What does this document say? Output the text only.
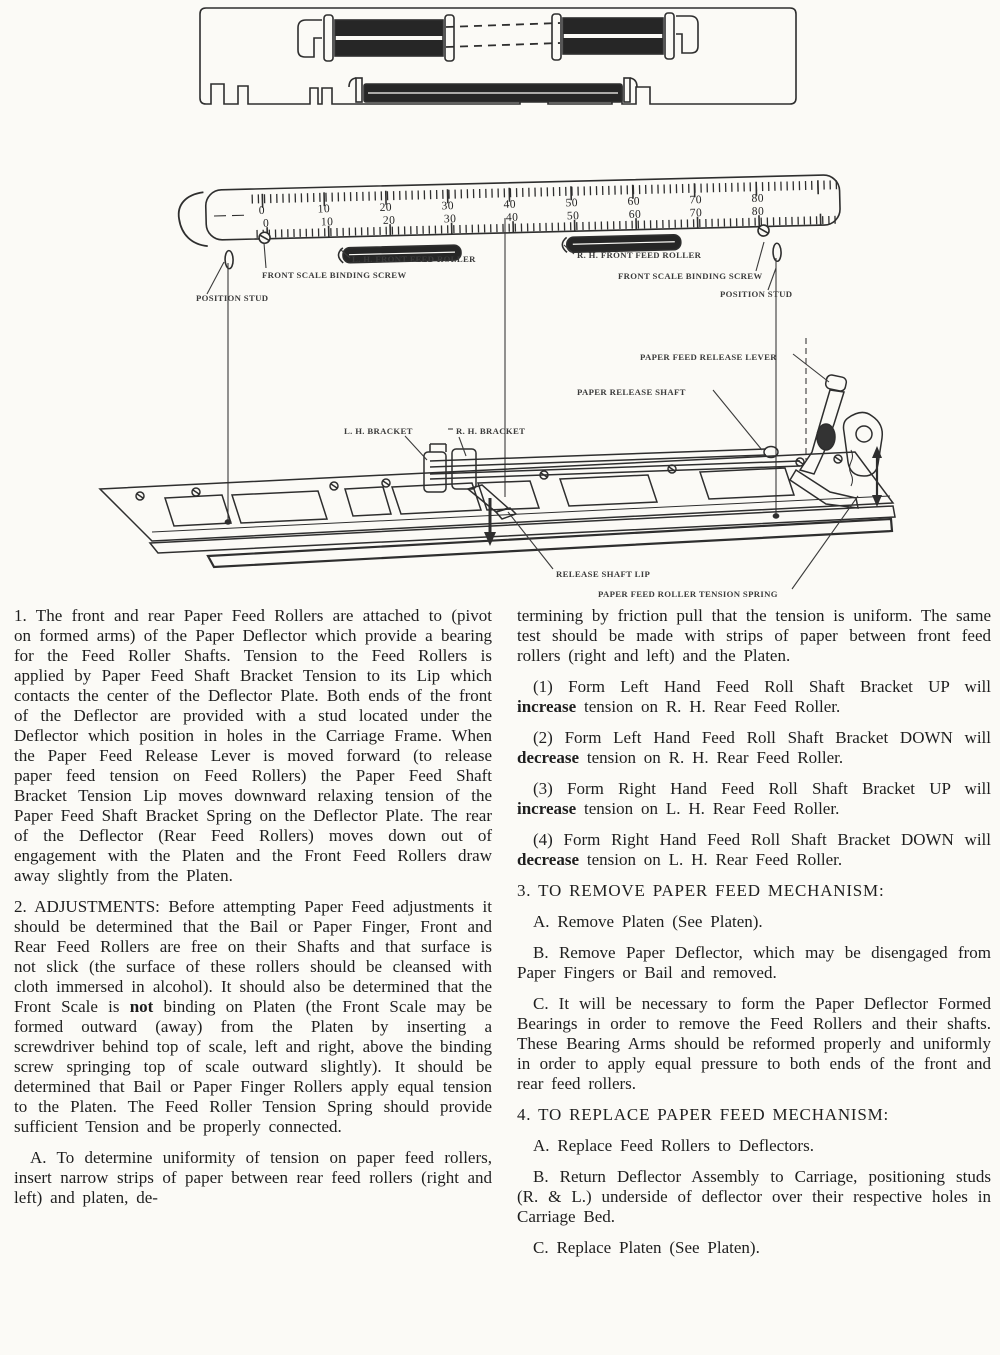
0	10	20	30	40	50	60	70	80
0	10	20	30	40	50	60	70	80
L. H. FRONT FEED ROLLER	R. H. FRONT FEED ROLLER
FRONT SCALE BINDING SCREW	FRONT SCALE BINDING SCREW
POSITION STUD	POSITION STUD
PAPER FEED RELEASE LEVER
PAPER RELEASE SHAFT
L. H. BRACKET	R. H. BRACKET
RELEASE SHAFT LIP
PAPER FEED ROLLER TENSION SPRING

1. The front and rear Paper Feed Rollers are attached to (pivot on formed arms) of the Paper Deflector which provide a bearing for the Feed Roller Shafts. Tension to the Feed Rollers is applied by Paper Feed Shaft Bracket Tension to its Lip which contacts the center of the Deflector Plate. Both ends of the front of the Deflector are provided with a stud located under the Deflector which position in holes in the Carriage Frame. When the Paper Feed Release Lever is moved forward (to release paper feed tension on Feed Rollers) the Paper Feed Shaft Bracket Tension Lip moves downward relaxing tension of the Paper Feed Shaft Bracket Spring on the Deflector Plate. The rear of the Deflector (Rear Feed Rollers) moves down out of engagement with the Platen and the Front Feed Rollers draw away slightly from the Platen.

2. ADJUSTMENTS: Before attempting Paper Feed adjustments it should be determined that the Bail or Paper Finger, Front and Rear Feed Rollers are free on their Shafts and that surface is not slick (the surface of these rollers should be cleansed with cloth immersed in alcohol). It should also be determined that the Front Scale is not binding on Platen (the Front Scale may be formed outward (away) from the Platen by inserting a screwdriver behind top of scale, left and right, above the binding screw springing top of scale outward slightly). It should be determined that Bail or Paper Finger Rollers apply equal tension to the Platen. The Feed Roller Tension Spring should provide sufficient Tension and be properly connected.

A. To determine uniformity of tension on paper feed rollers, insert narrow strips of paper between rear feed rollers (right and left) and platen, de-

termining by friction pull that the tension is uniform. The same test should be made with strips of paper between front feed rollers (right and left) and the Platen.

(1) Form Left Hand Feed Roll Shaft Bracket UP will increase tension on R. H. Rear Feed Roller.

(2) Form Left Hand Feed Roll Shaft Bracket DOWN will decrease tension on R. H. Rear Feed Roller.

(3) Form Right Hand Feed Roll Shaft Bracket UP will increase tension on L. H. Rear Feed Roller.

(4) Form Right Hand Feed Roll Shaft Bracket DOWN will decrease tension on L. H. Rear Feed Roller.

3. TO REMOVE PAPER FEED MECHANISM:

A. Remove Platen (See Platen).

B. Remove Paper Deflector, which may be disengaged from Paper Fingers or Bail and removed.

C. It will be necessary to form the Paper Deflector Formed Bearings in order to remove the Feed Rollers and their shafts. These Bearing Arms should be reformed properly and uniformly in order to apply equal pressure to both ends of the front and rear feed rollers.

4. TO REPLACE PAPER FEED MECHANISM:

A. Replace Feed Rollers to Deflectors.

B. Return Deflector Assembly to Carriage, positioning studs (R. & L.) underside of deflector over their respective holes in Carriage Bed.

C. Replace Platen (See Platen).
